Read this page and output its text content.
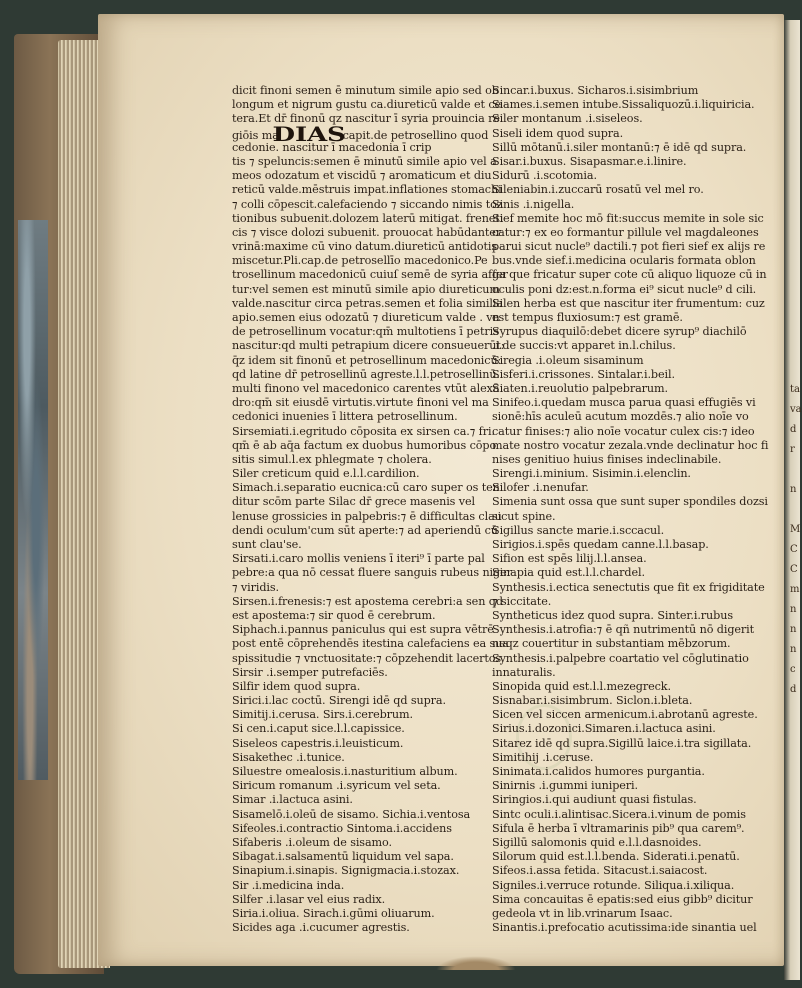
ta
va
d
r

n

M
C
C
m
n
n
n
c
d
dicit finoni semen ē minutum simile apio sed ob
longum et nigrum gustu ca.diureticū valde et ce
tera.Et dr̄ finonū qz nascitur ī syria prouincia re
giōis maDIAS capit.de petrosellino quod
cedonie. nascitur ī macedonia ī crip
tis ⁊ speluncis:semen ē minutū simile apio vel a
meos odozatum et viscidū ⁊ aromaticum et diu
reticū valde.mēstruis impat.inflationes stomachi
⁊ colli cōpescit.calefaciendo ⁊ siccando nimis toz
tionibus subuenit.dolozem laterū mitigat. freneti
cis ⁊ visce dolozi subuenit. prouocat habūdanter
vrinā:maxime cū vino datum.diureticū antidotis
miscetur.Pli.cap.de petrosellīo macedonico.Pe
trosellinum macedonicū cuiuſ semē de syria affer
tur:vel semen est minutū simile apio diureticum
valde.nascitur circa petras.semen et folia similia
apio.semen eius odozatū ⁊ diureticum valde . vn
de petrosellinum vocatur:qm̄ multotiens ī petris
nascitur:qd multi petrapium dicere consueuerūt:
q̄z idem sit finonū et petrosellinum macedonicū:
qd latine dr̄ petrosellinū agreste.l.l.petrosellinū.
multi finono vel macedonico carentes vtūt alexā
dro:qm̄ sit eiusdē virtutis.virtute finoni vel ma
cedonici inuenies ī littera petrosellinum.
Sirsemiati.i.egritudo cōposita ex sirsen ca.⁊ fri.
qm̄ ē ab aq̄a factum ex duobus humoribus cōpo
sitis simul.l.ex phlegmate ⁊ cholera.
Siler creticum quid e.l.l.cardilion.
Simach.i.separatio eucnica:cū caro super os ten
ditur scōm parte Silac dr̄ grece masenis vel
lenuse grossicies in palpebris:⁊ ē difficultas clau
dendi oculum'cum sūt aperte:⁊ ad aperiendū cū
sunt clau'se.
Sirsati.i.caro mollis veniens ī iteri⁹ ī parte pal
pebre:a qua nō cessat fluere sanguis rubeus niger
⁊ viridis.
Sirsen.i.frenesis:⁊ est apostema cerebri:a sen qd
est apostema:⁊ sir quod ē cerebrum.
Siphach.i.pannus paniculus qui est supra vētrē
post entē cōprehendēs itestina calefaciens ea sua
spissitudie ⁊ vnctuositate:⁊ cōpzehendit lacertos
Sirsir .i.semper putrefaciēs.
Silfir idem quod supra.
Sirici.i.lac coctū. Sirengi idē qd supra.
Simitij.i.cerusa. Sirs.i.cerebrum.
Si cen.i.caput sice.l.l.capissice.
Siseleos capestris.i.leuisticum.
Sisakethec .i.tunice.
Siluestre omealosis.i.nasturitium album.
Siricum romanum .i.syricum vel seta.
Simar .i.lactuca asini.
Sisamelō.i.oleū de sisamo. Sichia.i.ventosa
Sifeoles.i.contractio Sintoma.i.accidens
Sifaberis .i.oleum de sisamo.
Sibagat.i.salsamentū liquidum vel sapa.
Sinapium.i.sinapis. Signigmacia.i.stozax.
Sir .i.medicina inda.
Silfer .i.lasar vel eius radix.
Siria.i.oliua. Sirach.i.gūmi oliuarum.
Sicides aga .i.cucumer agrestis.
Sincar.i.buxus. Sicharos.i.sisimbrium
Siames.i.semen intube.Sissaliquozū.i.liquiricia.
Siler montanum .i.siseleos.
Siseli idem quod supra.
Sillū mōtanū.i.siler montanū:⁊ ē idē qd supra.
Sisar.i.buxus. Sisapasmar.e.i.linire.
Sidurū .i.scotomia.
Sileniabin.i.zuccarū rosatū vel mel ro.
Sinis .i.nigella.
Sief memite hoc mō fit:succus memite in sole sic
catur:⁊ ex eo formantur pillule vel magdaleones
parui sicut nucle⁹ dactili.⁊ pot fieri sief ex alijs re
bus.vnde sief.i.medicina ocularis formata oblon
ga que fricatur super cote cū aliquo liquoze cū in
oculis poni dz:est.n.forma ei⁹ sicut nucle⁹ d cili.
Silen herba est que nascitur iter frumentum: cuz
est tempus fluxiosum:⁊ est gramē.
Syrupus diaquilō:debet dicere syrup⁹ diachilō
.i.de succis:vt apparet in.l.chilus.
Siregia .i.oleum sisaminum
Sisferi.i.crissones. Sintalar.i.beil.
Siaten.i.reuolutio palpebrarum.
Sinifeo.i.quedam musca parua quasi effugiēs vi
sionē:hīs aculeū acutum mozdēs.⁊ alio noīe vo
catur finises:⁊ alio noīe vocatur culex cis:⁊ ideo
mate nostro vocatur zezala.vnde declinatur hoc fi
nises genitiuo huius finises indeclinabile.
Sirengi.i.minium. Sisimin.i.elenclin.
Silofer .i.nenufar.
Simenia sunt ossa que sunt super spondiles dozsi
sicut spine.
Sigillus sancte marie.i.sccacul.
Sirigios.i.spēs quedam canne.l.l.basap.
Sifion est spēs lilij.l.l.ansea.
Sinapia quid est.l.l.chardel.
Synthesis.i.ectica senectutis que fit ex frigiditate
⁊ siccitate.
Syntheticus idez quod supra. Sinter.i.rubus
Synthesis.i.atrofia:⁊ ē qñ nutrimentū nō digerit
neqz couertitur in substantiam mēbzorum.
Synthesis.i.palpebre coartatio vel cōglutinatio
innaturalis.
Sinopida quid est.l.l.mezegreck.
Sisnabar.i.sisimbrum. Siclon.i.bleta.
Sicen vel siccen armenicum.i.abrotanū agreste.
Sirius.i.dozonici.Simaren.i.lactuca asini.
Sitarez idē qd supra.Sigillū laice.i.tra sigillata.
Simitihij .i.ceruse.
Sinimata.i.calidos humores purgantia.
Sinirnis .i.gummi iuniperi.
Siringios.i.qui audiunt quasi fistulas.
Sintc oculi.i.alintisac.Sicera.i.vinum de pomis
Sifula ē herba ī vltramarinis pib⁹ qua carem⁹.
Sigillū salomonis quid e.l.l.dasnoides.
Silorum quid est.l.l.benda. Siderati.i.penatū.
Sifeos.i.assa fetida. Sitacust.i.saiacost.
Signiles.i.verruce rotunde. Siliqua.i.xiliqua.
Sima concauitas ē epatis:sed eius gibb⁹ dicitur
gedeola vt in lib.vrinarum Isaac.
Sinantis.i.prefocatio acutissima:ide sinantia uel
